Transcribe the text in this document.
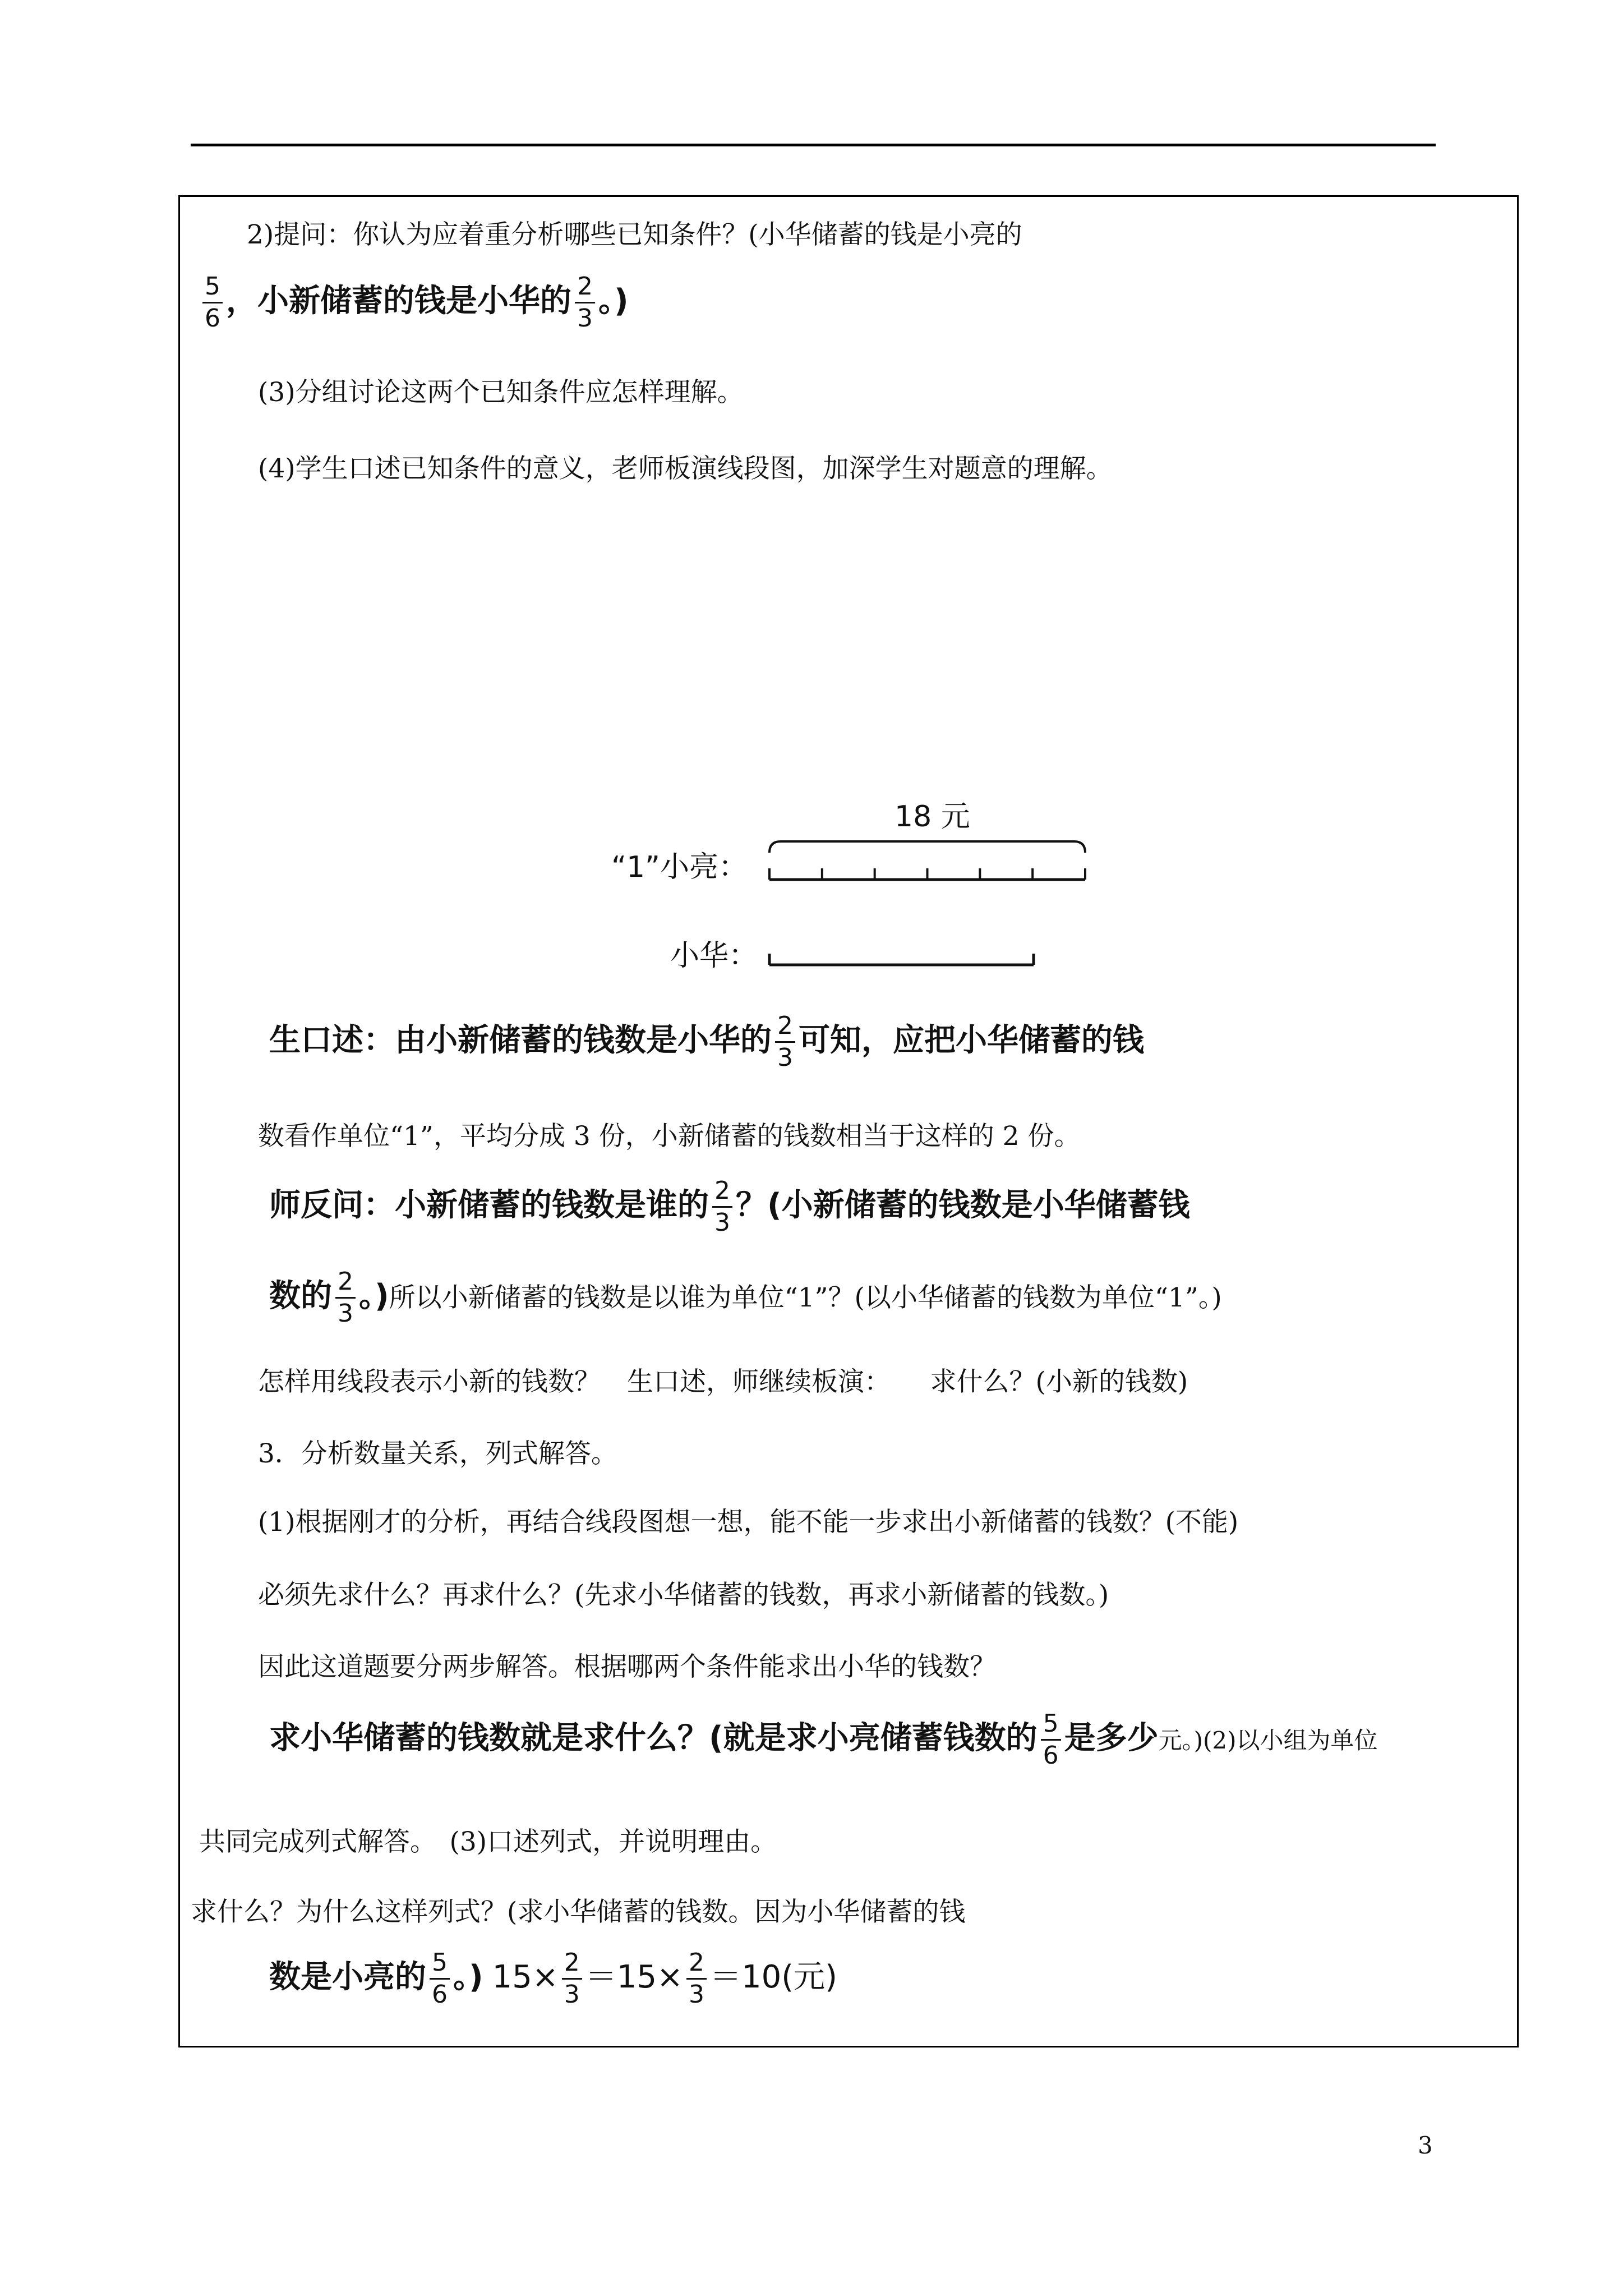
2)提问：你认为应着重分析哪些已知条件？(小华储蓄的钱是小亮的
$\frac{5}{6}$ ，小新储蓄的钱是小华的 $\frac{2}{3}$ 。)
(3)分组讨论这两个已知条件应怎样理解。
(4)学生口述已知条件的意义，老师板演线段图，加深学生对题意的理解。
18 元
“1”小亮：
小华：
生口述：由小新储蓄的钱数是小华的 $\frac{2}{3}$ 可知，应把小华储蓄的钱
数看作单位“1”，平均分成 3 份，小新储蓄的钱数相当于这样的 2 份。
师反问：小新储蓄的钱数是谁的 $\frac{2}{3}$ ？(小新储蓄的钱数是小华储蓄钱
数的 $\frac{2}{3}$ 。)所以小新储蓄的钱数是以谁为单位“1”？(以小华储蓄的钱数为单位“1”。)
怎样用线段表示小新的钱数？　生口述，师继续板演：　　求什么？(小新的钱数)
3．分析数量关系，列式解答。
(1)根据刚才的分析，再结合线段图想一想，能不能一步求出小新储蓄的钱数？(不能)
必须先求什么？再求什么？(先求小华储蓄的钱数，再求小新储蓄的钱数。)
因此这道题要分两步解答。根据哪两个条件能求出小华的钱数？
求小华储蓄的钱数就是求什么？(就是求小亮储蓄钱数的 $\frac{5}{6}$ 是多少元。)(2)以小组为单位
共同完成列式解答。　(3)口述列式，并说明理由。
求什么？为什么这样列式？(求小华储蓄的钱数。因为小华储蓄的钱
数是小亮的 $\frac{5}{6}$ 。) $15\times \frac{2}{3} =15\times \frac{2}{3} =10$(元)
3
